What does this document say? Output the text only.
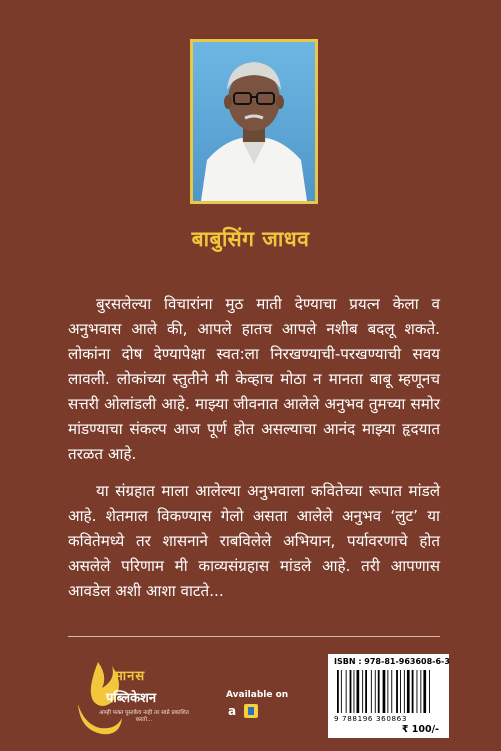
बाबुसिंग जाधव
बुरसलेल्या विचारांना मुठ माती देण्याचा प्रयत्न केला व अनुभवास आले की, आपले हातच आपले नशीब बदलू शकते. लोकांना दोष देण्यापेक्षा स्वत:ला निरखण्याची-परखण्याची सवय लावली. लोकांच्या स्तुतीने मी केव्हाच मोठा न मानता बाबू म्हणूनच सत्तरी ओलांडली आहे. माझ्या जीवनात आलेले अनुभव तुमच्या समोर मांडण्याचा संकल्प आज पूर्ण होत असल्याचा आनंद माझ्या हृदयात तरळत आहे.
या संग्रहात माला आलेल्या अनुभवाला कवितेच्या रूपात मांडले आहे. शेतमाल विकण्यास गेलो असता आलेले अनुभव ‘लुट’ या कवितेमध्ये तर शासनाने राबविलेले अभियान, पर्यावरणाचे होत असलेले परिणाम मी काव्यसंग्रहास मांडले आहे. तरी आपणास आवडेल अशी आशा वाटते...
मानस
पब्लिकेशन
आम्ही फक्त पुस्तकेच नाही तर स्वप्ने प्रकाशित करतो...
Available on
a
ISBN : 978-81-963608-6-3
9 788196 360863
₹ 100/-
